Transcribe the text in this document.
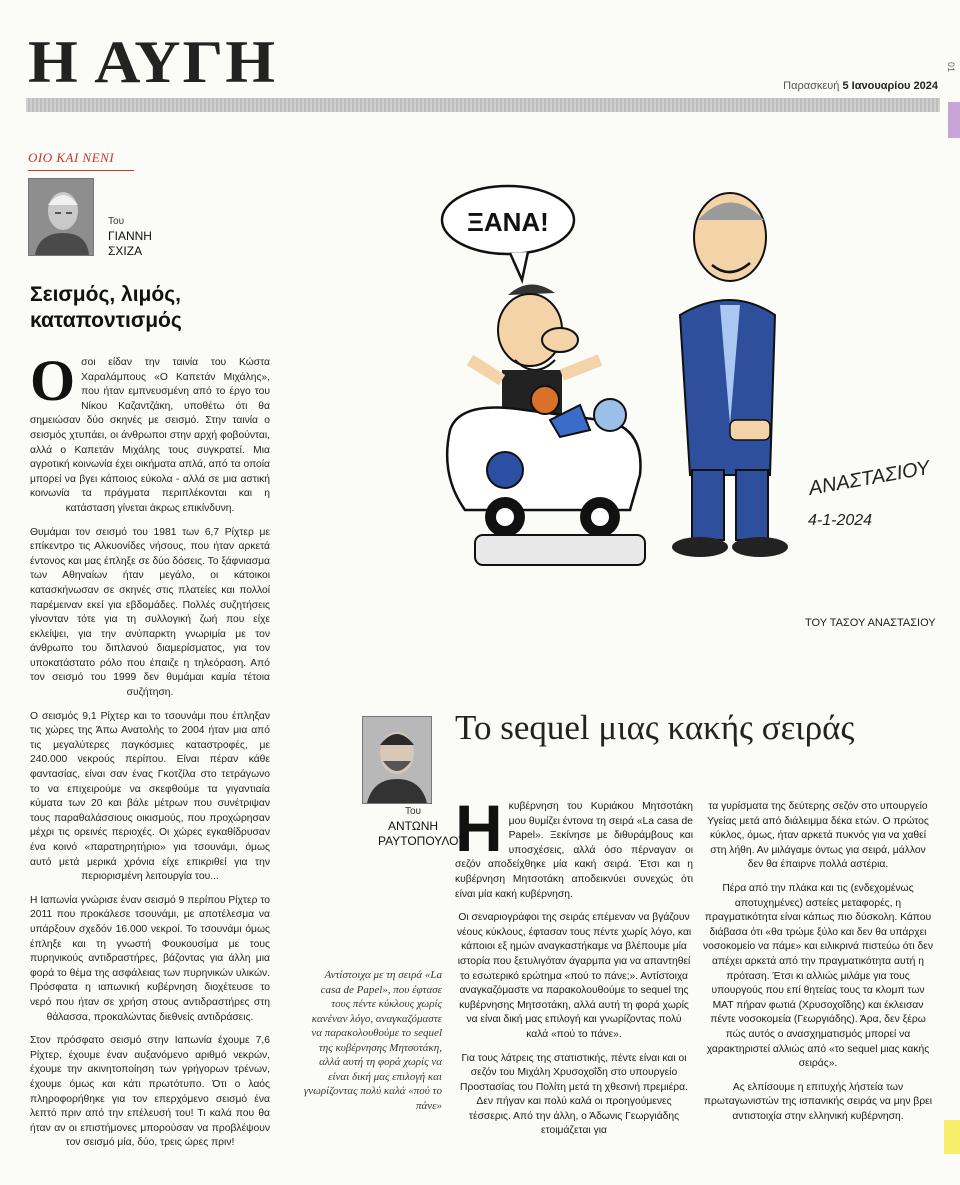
Η ΑΥΓΗ	Παρασκευή 5 Ιανουαρίου 2024
01
ΟΙΟ ΚΑΙ ΝΕΝΙ
Του
ΓΙΑΝΝΗ
ΣΧΙΖΑ
Σεισμός, λιμός,
καταποντισμός

Οσοι είδαν την ταινία του Κώστα Χαραλάμπους «Ο Καπετάν Μιχάλης», που ήταν εμπνευσμένη από το έργο του Νίκου Καζαντζάκη, υποθέτω ότι θα σημειώσαν δύο σκηνές με σεισμό. Στην ταινία ο σεισμός χτυπάει, οι άνθρωποι στην αρχή φοβούνται, αλλά ο Καπετάν Μιχάλης τους συγκρατεί. Μια αγροτική κοινωνία έχει οικήματα απλά, από τα οποία μπορεί να βγει κάποιος εύκολα - αλλά σε μια αστική κοινωνία τα πράγματα περιπλέκονται και η κατάσταση γίνεται άκρως επικίνδυνη.

Θυμάμαι τον σεισμό του 1981 των 6,7 Ρίχτερ με επίκεντρο τις Αλκυονίδες νήσους, που ήταν αρκετά έντονος και μας έπληξε σε δύο δόσεις. Το ξάφνιασμα των Αθηναίων ήταν μεγάλο, οι κάτοικοι κατασκήνωσαν σε σκηνές στις πλατείες και πολλοί παρέμειναν εκεί για εβδομάδες. Πολλές συζητήσεις γίνονταν τότε για τη συλλογική ζωή που είχε εκλείψει, για την ανύπαρκτη γνωριμία με τον άνθρωπο του διπλανού διαμερίσματος, για τον υποκατάστατο ρόλο που έπαιζε η τηλεόραση. Από τον σεισμό του 1999 δεν θυμάμαι καμία τέτοια συζήτηση.

Ο σεισμός 9,1 Ρίχτερ και το τσουνάμι που έπληξαν τις χώρες της Άπω Ανατολής το 2004 ήταν μια από τις μεγαλύτερες παγκόσμιες καταστροφές, με 240.000 νεκρούς περίπου. Είναι πέραν κάθε φαντασίας, είναι σαν ένας Γκοτζίλα στο τετράγωνο το να επιχειρούμε να σκεφθούμε τα γιγαντιαία κύματα των 20 και βάλε μέτρων που συνέτριψαν τους παραθαλάσσιους οικισμούς, που προχώρησαν μέχρι τις ορεινές περιοχές. Οι χώρες εγκαθίδρυσαν ένα κοινό «παρατηρητήριο» για τσουνάμι, όμως αυτό μετά μερικά χρόνια είχε επικριθεί για την περιορισμένη λειτουργία του...

Η Ιαπωνία γνώρισε έναν σεισμό 9 περίπου Ρίχτερ το 2011 που προκάλεσε τσουνάμι, με αποτέλεσμα να υπάρξουν σχεδόν 16.000 νεκροί. Το τσουνάμι όμως έπληξε και τη γνωστή Φουκουσίμα με τους πυρηνικούς αντιδραστήρες, βάζοντας για άλλη μια φορά το θέμα της ασφάλειας των πυρηνικών υλικών. Πρόσφατα η ιαπωνική κυβέρνηση διοχέτευσε το νερό που ήταν σε χρήση στους αντιδραστήρες στη θάλασσα, προκαλώντας διεθνείς αντιδράσεις.

Στον πρόσφατο σεισμό στην Ιαπωνία έχουμε 7,6 Ρίχτερ, έχουμε έναν αυξανόμενο αριθμό νεκρών, έχουμε την ακινητοποίηση των γρήγορων τρένων, έχουμε όμως και κάτι πρωτότυπο. Ότι ο λαός πληροφορήθηκε για τον επερχόμενο σεισμό ένα λεπτό πριν από την επέλευσή του! Τι καλά που θα ήταν αν οι επιστήμονες μπορούσαν να προβλέψουν τον σεισμό μία, δύο, τρεις ώρες πριν!

ΞΑΝΑ!
ΑΝΑΣΤΑΣΙΟΥ
4-1-2024
ΤΟΥ ΤΑΣΟΥ ΑΝΑΣΤΑΣΙΟΥ
Του
ΑΝΤΩΝΗ
ΡΑΥΤΟΠΟΥΛΟΥ
Το sequel μιας κακής σειράς
Αντίστοιχα με τη σειρά «La casa de Papel», που έφτασε τους πέντε κύκλους χωρίς κανέναν λόγο, αναγκαζόμαστε να παρακολουθούμε το sequel της κυβέρνησης Μητσοτάκη, αλλά αυτή τη φορά χωρίς να είναι δική μας επιλογή και γνωρίζοντας πολύ καλά «πού το πάνε»

Ηκυβέρνηση του Κυριάκου Μητσοτάκη μου θυμίζει έντονα τη σειρά «La casa de Papel». Ξεκίνησε με διθυράμβους και υποσχέσεις, αλλά όσο πέρναγαν οι σεζόν αποδείχθηκε μία κακή σειρά. Έτσι και η κυβέρνηση Μητσοτάκη αποδεικνύει συνεχώς ότι είναι μία κακή κυβέρνηση.

Οι σεναριογράφοι της σειράς επέμεναν να βγάζουν νέους κύκλους, έφτασαν τους πέντε χωρίς λόγο, και κάποιοι εξ ημών αναγκαστήκαμε να βλέπουμε μία ιστορία που ξετυλιγόταν άγαρμπα για να απαντηθεί το εσωτερικό ερώτημα «πού το πάνε;». Αντίστοιχα αναγκαζόμαστε να παρακολουθούμε το sequel της κυβέρνησης Μητσοτάκη, αλλά αυτή τη φορά χωρίς να είναι δική μας επιλογή και γνωρίζοντας πολύ καλά «πού το πάνε».

Για τους λάτρεις της στατιστικής, πέντε είναι και οι σεζόν του Μιχάλη Χρυσοχοΐδη στο υπουργείο Προστασίας του Πολίτη μετά τη χθεσινή πρεμιέρα. Δεν πήγαν και πολύ καλά οι προηγούμενες τέσσερις. Από την άλλη, ο Άδωνις Γεωργιάδης ετοιμάζεται για

τα γυρίσματα της δεύτερης σεζόν στο υπουργείο Υγείας μετά από διάλειμμα δέκα ετών. Ο πρώτος κύκλος, όμως, ήταν αρκετά πυκνός για να χαθεί στη λήθη. Αν μιλάγαμε όντως για σειρά, μάλλον δεν θα έπαιρνε πολλά αστέρια.

Πέρα από την πλάκα και τις (ενδεχομένως αποτυχημένες) αστείες μεταφορές, η πραγματικότητα είναι κάπως πιο δύσκολη. Κάπου διάβασα ότι «θα τρώμε ξύλο και δεν θα υπάρχει νοσοκομείο να πάμε» και ειλικρινά πιστεύω ότι δεν απέχει αρκετά από την πραγματικότητα αυτή η πρόταση. Έτσι κι αλλιώς μιλάμε για τους υπουργούς που επί θητείας τους τα κλομπ των ΜΑΤ πήραν φωτιά (Χρυσοχοΐδης) και έκλεισαν πέντε νοσοκομεία (Γεωργιάδης). Άρα, δεν ξέρω πώς αυτός ο ανασχηματισμός μπορεί να χαρακτηριστεί αλλιώς από «το sequel μιας κακής σειράς».

Ας ελπίσουμε η επιτυχής λήστεία των πρωταγωνιστών της ισπανικής σειράς να μην βρει αντιστοιχία στην ελληνική κυβέρνηση.
